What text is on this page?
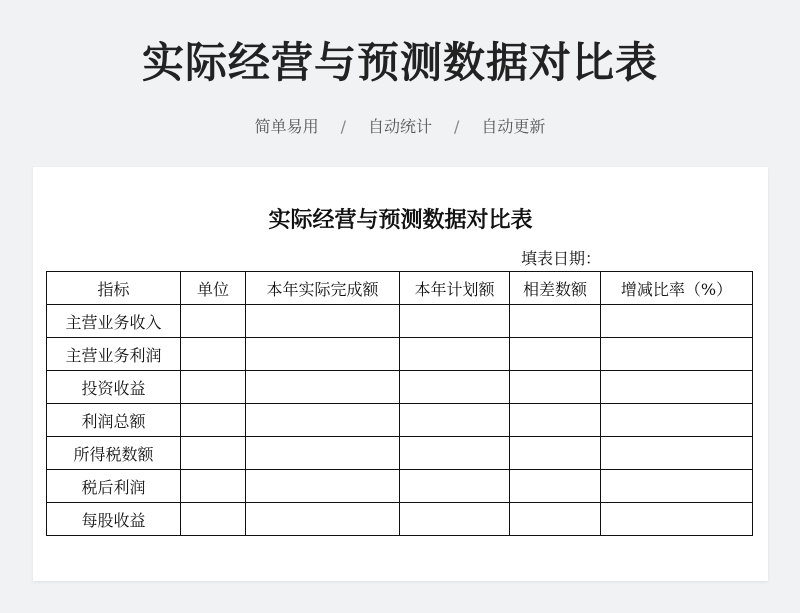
实际经营与预测数据对比表
简单易用 / 自动统计 / 自动更新
实际经营与预测数据对比表
填表日期：
指标	单位	本年实际完成额	本年计划额	相差数额	增减比率（%）
主营业务收入					
主营业务利润					
投资收益					
利润总额					
所得税数额					
税后利润					
每股收益					
